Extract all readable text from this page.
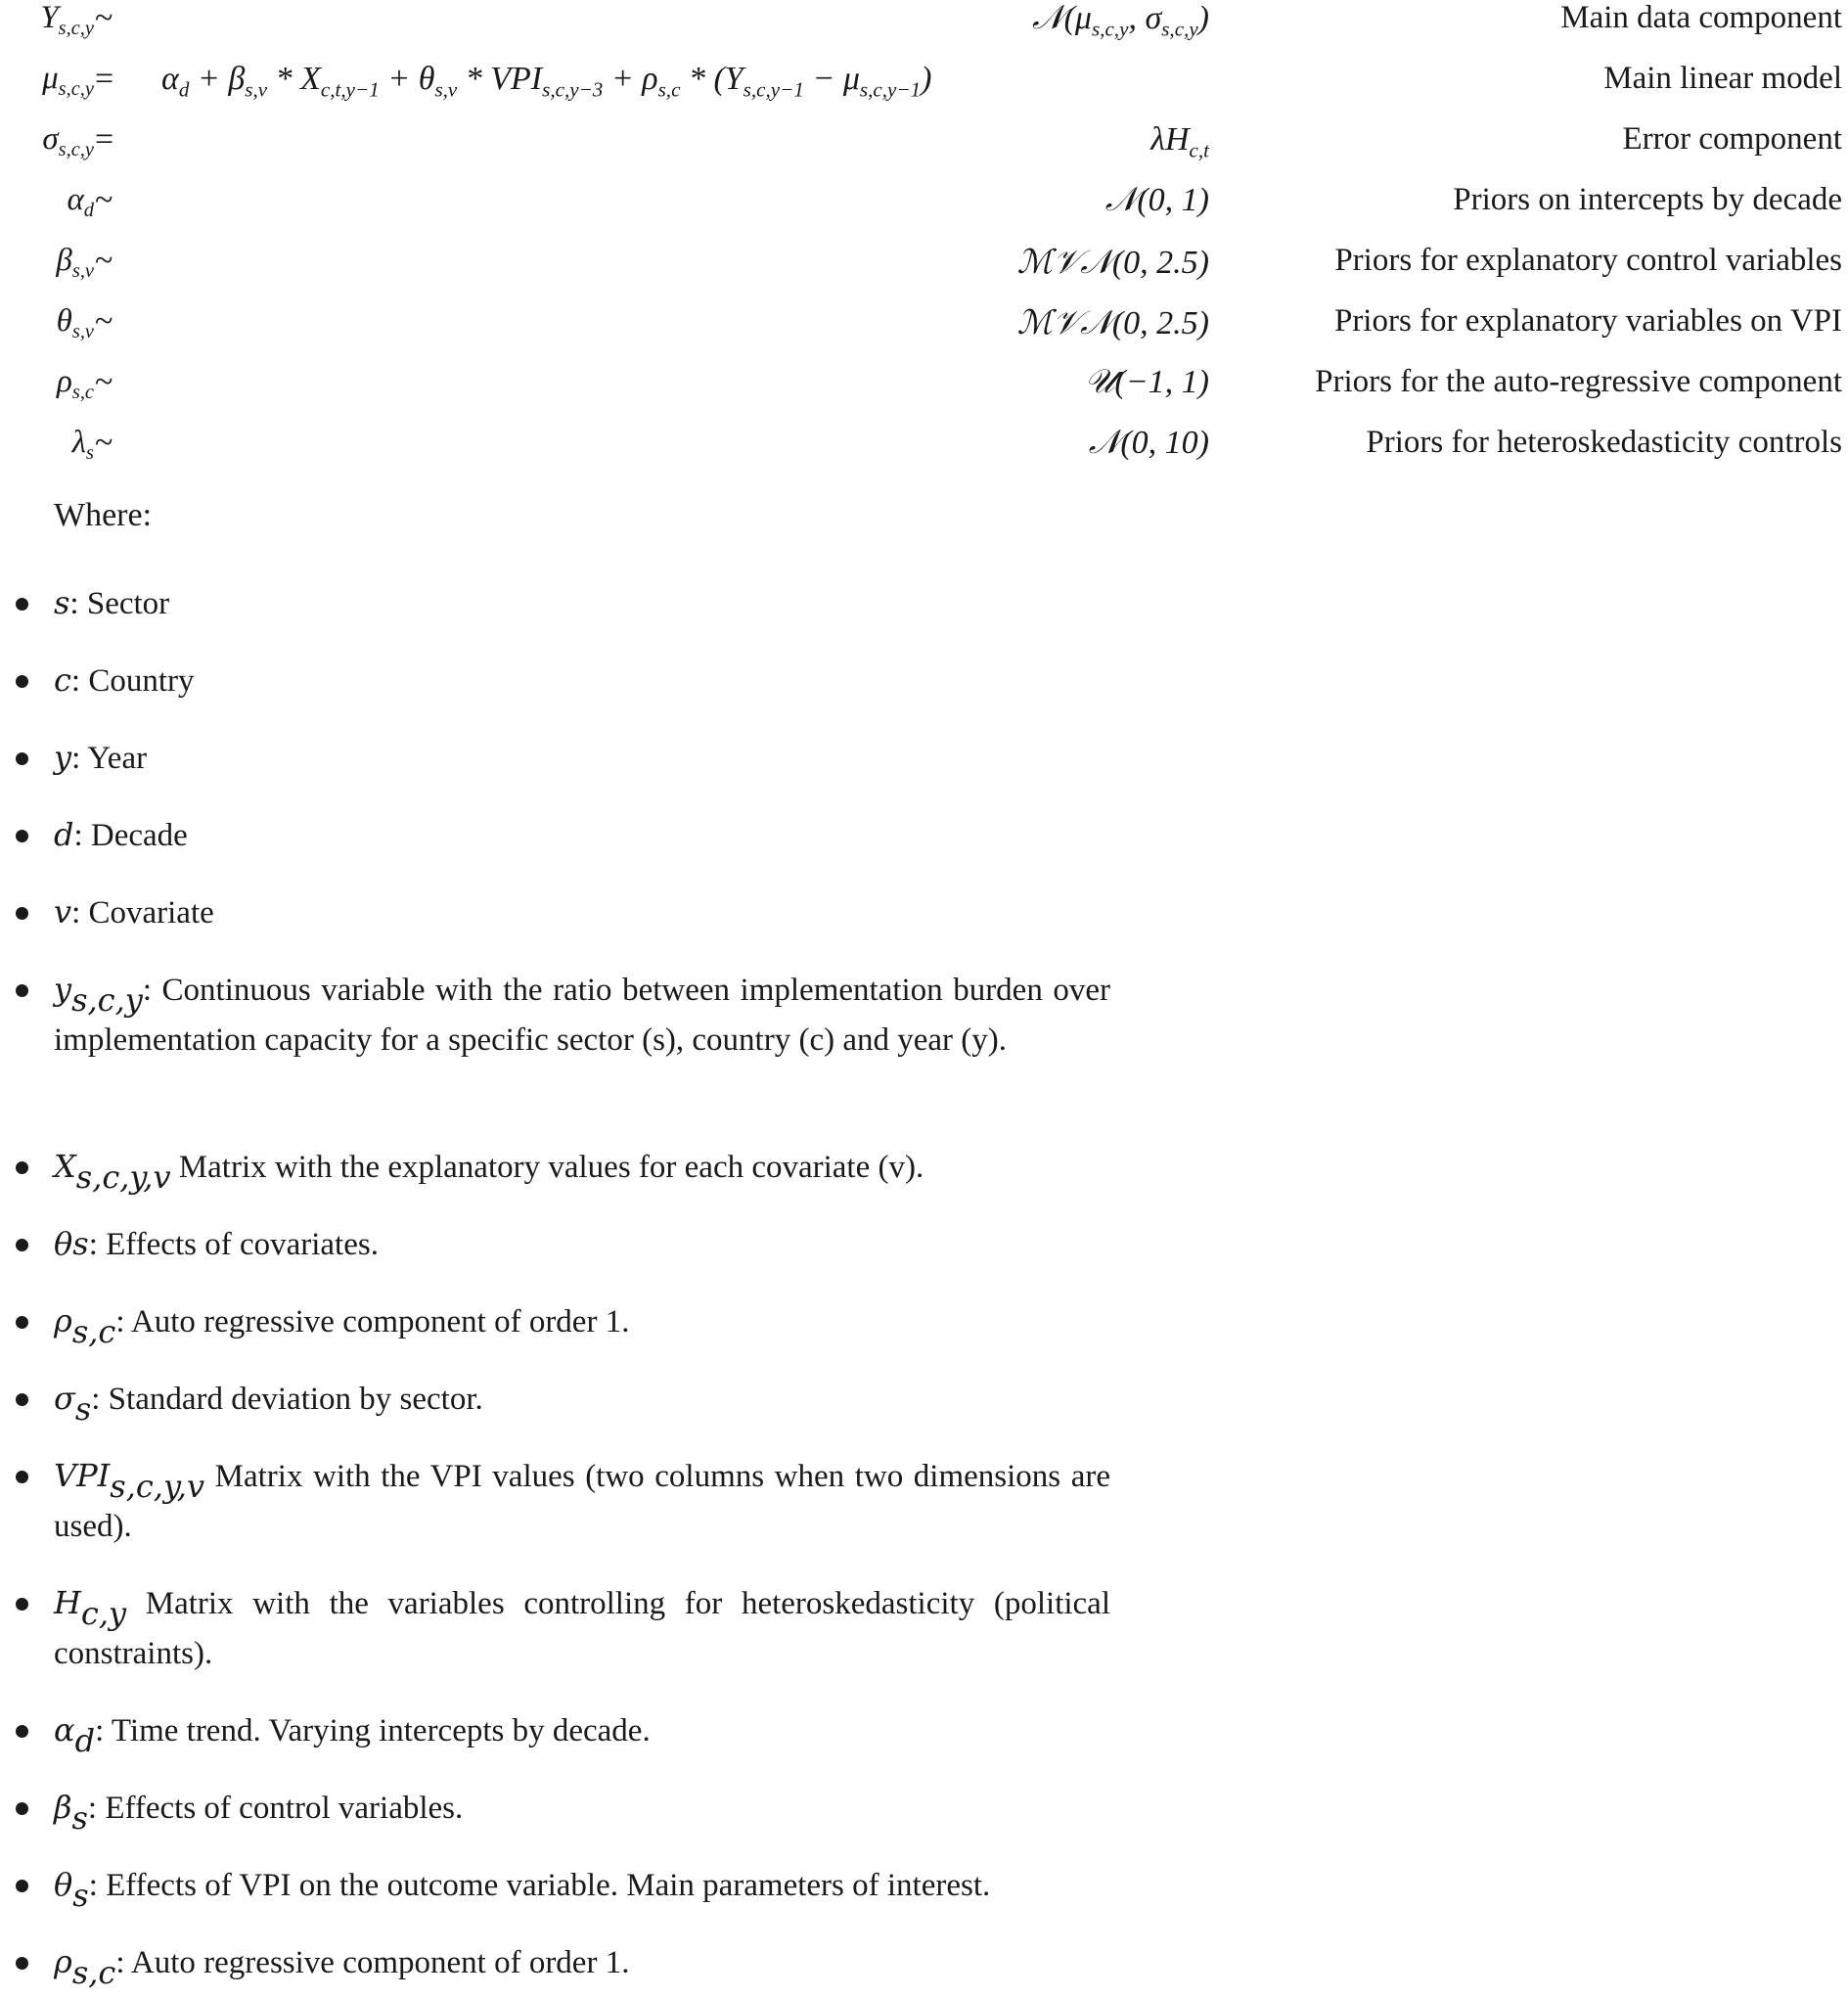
$Y_{s,c,y}$ ~	$𝒩(\mu_{s,c,y}$, $\sigma_{s,c,y}$)	Main data component
$\mu_{s,c,y} = \alpha_d + \beta_{s,v} * X_{c,t,y-1} + \theta_{s,v} * VPI_{s,c,y-3} + \rho_{s,c} * (Y_{s,c,y-1} - \mu_{s,c,y-1})$	Main linear model
$\sigma_{s,c,y}$ =	$\lambda H_{c,t}$	Error component
$\alpha_d$ ~	𝒩(0, 1)	Priors on intercepts by decade
$\beta_{s,v}$ ~	ℳ𝒱𝒩(0, 2.5)	Priors for explanatory control variables
$\theta_{s,v}$ ~	ℳ𝒱𝒩(0, 2.5)	Priors for explanatory variables on VPI
$\rho_{s,c}$ ~	𝒰(−1, 1)	Priors for the auto-regressive component
$\lambda_s$ ~	𝒩(0, 10)	Priors for heteroskedasticity controls
Where:
s: Sector
c: Country
y: Year
d: Decade
v: Covariate
$y_{s,c,y}$: Continuous variable with the ratio between implementation burden over implementation capacity for a specific sector (s), country (c) and year (y).
$X_{s,c,y,v}$ Matrix with the explanatory values for each covariate (v).
θs: Effects of covariates.
$\rho_{s,c}$: Auto regressive component of order 1.
$\sigma_s$: Standard deviation by sector.
$VPI_{s,c,y,v}$ Matrix with the VPI values (two columns when two dimensions are used).
$H_{c,y}$ Matrix with the variables controlling for heteroskedasticity (political constraints).
$\alpha_d$: Time trend. Varying intercepts by decade.
$\beta_s$: Effects of control variables.
$\theta_s$: Effects of VPI on the outcome variable. Main parameters of interest.
$\rho_{s,c}$: Auto regressive component of order 1.
